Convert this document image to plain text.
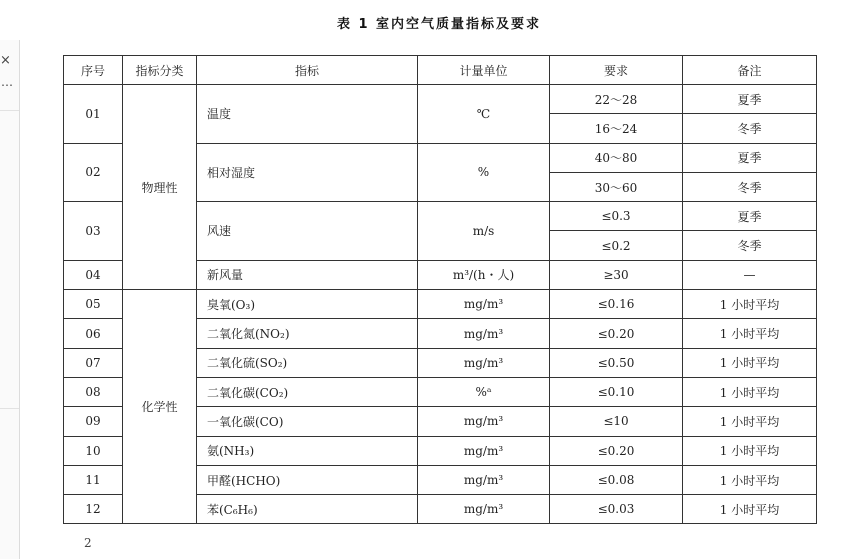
×
⋯
表 1 室内空气质量指标及要求
序号	指标分类	指标	计量单位	要求	备注
01	物理性	温度	℃	22～28	夏季
				16～24	冬季
02		相对湿度	%	40～80	夏季
				30～60	冬季
03		风速	m/s	≤0.3	夏季
				≤0.2	冬季
04		新风量	m³/(h・人)	≥30	—
05	化学性	臭氧(O₃)	mg/m³	≤0.16	1 小时平均
06		二氧化氮(NO₂)	mg/m³	≤0.20	1 小时平均
07		二氧化硫(SO₂)	mg/m³	≤0.50	1 小时平均
08		二氧化碳(CO₂)	%ᵃ	≤0.10	1 小时平均
09		一氧化碳(CO)	mg/m³	≤10	1 小时平均
10		氨(NH₃)	mg/m³	≤0.20	1 小时平均
11		甲醛(HCHO)	mg/m³	≤0.08	1 小时平均
12		苯(C₆H₆)	mg/m³	≤0.03	1 小时平均
2
